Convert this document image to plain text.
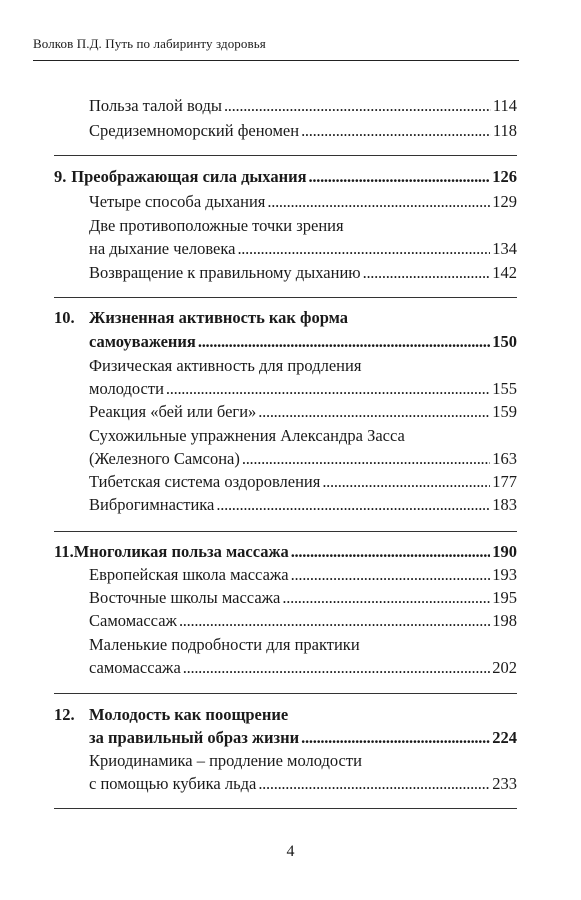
Волков П.Д. Путь по лабиринту здоровья
Польза талой воды . . .	114
Средиземноморский феномен . . .	118
9. Преображающая сила дыхания . . .	126
Четыре способа дыхания . . .	129
Две противоположные точки зрения
на дыхание человека . . .	134
Возвращение к правильному дыханию . . .	142
10. Жизненная активность как форма
самоуважения . . .	150
Физическая активность для продления
молодости . . .	155
Реакция «бей или беги» . . .	159
Сухожильные упражнения Александра Засса
(Железного Самсона) . . .	163
Тибетская система оздоровления . . .	177
Виброгимнастика . . .	183
11. Многоликая польза массажа . . .	190
Европейская школа массажа . . .	193
Восточные школы массажа . . .	195
Самомассаж . . .	198
Маленькие подробности для практики
самомассажа . . .	202
12. Молодость как поощрение
за правильный образ жизни . . .	224
Криодинамика – продление молодости
с помощью кубика льда . . .	233
4
